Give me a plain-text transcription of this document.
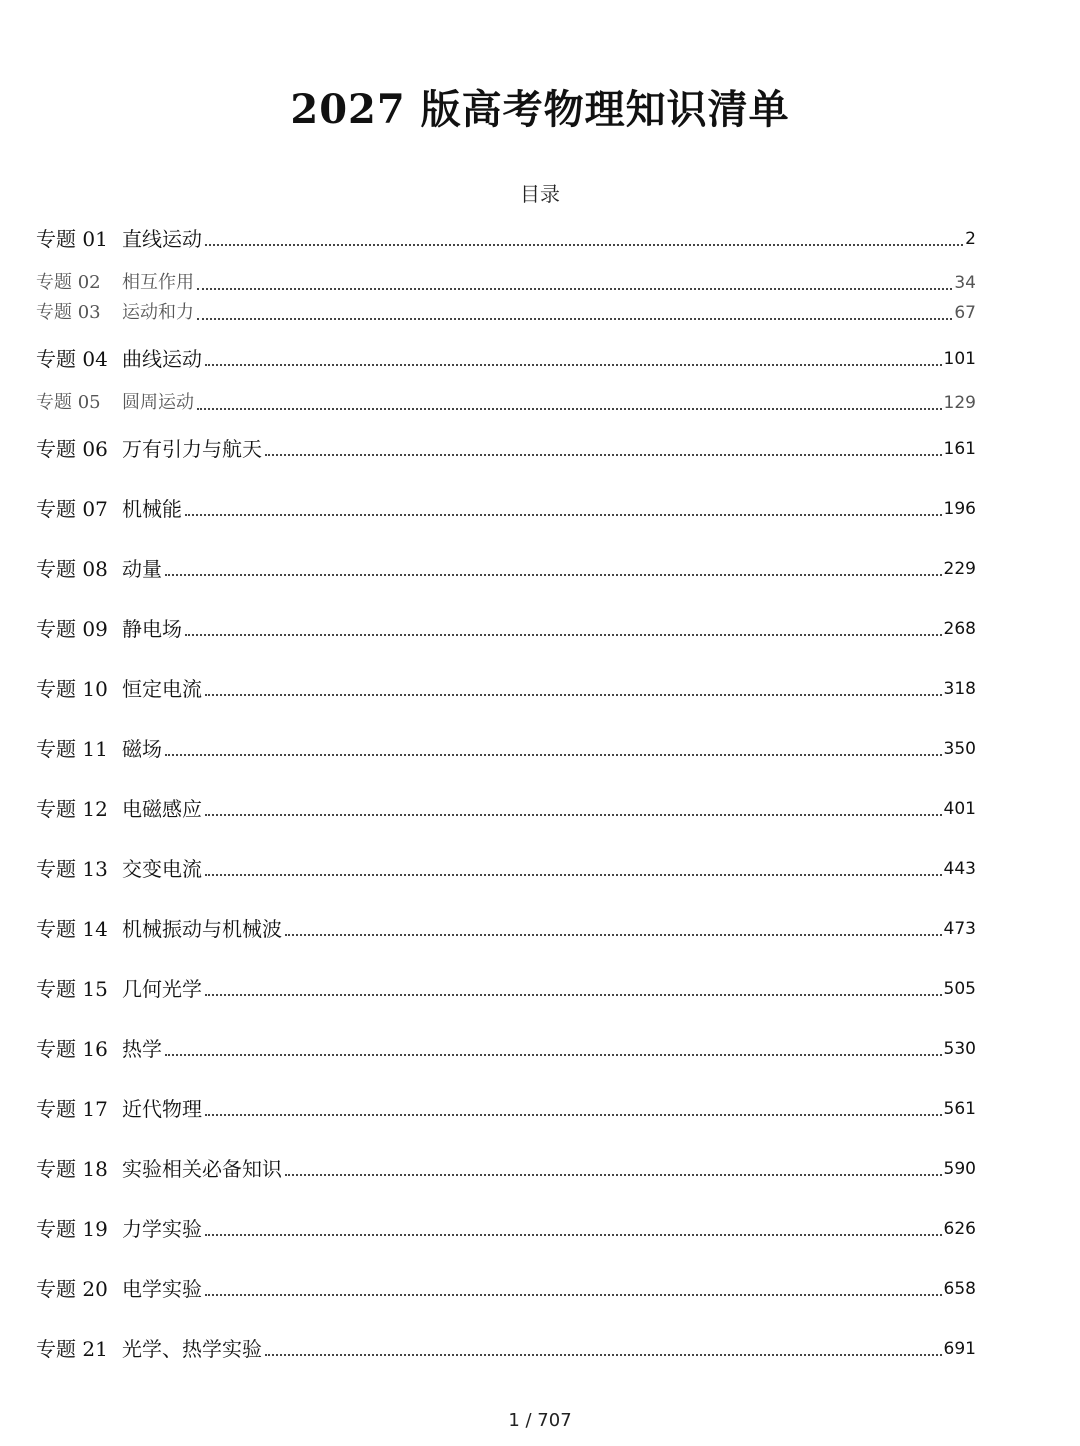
2027 版高考物理知识清单
目录
专题 01 直线运动	2
专题 02	相互作用	34
专题 03	运动和力	67
专题 04 曲线运动	101
专题 05	圆周运动	129
专题 06 万有引力与航天	161
专题 07 机械能	196
专题 08 动量	229
专题 09 静电场	268
专题 10 恒定电流	318
专题 11 磁场	350
专题 12 电磁感应	401
专题 13 交变电流	443
专题 14 机械振动与机械波	473
专题 15 几何光学	505
专题 16 热学	530
专题 17 近代物理	561
专题 18 实验相关必备知识	590
专题 19 力学实验	626
专题 20 电学实验	658
专题 21 光学、热学实验	691
1 / 707
